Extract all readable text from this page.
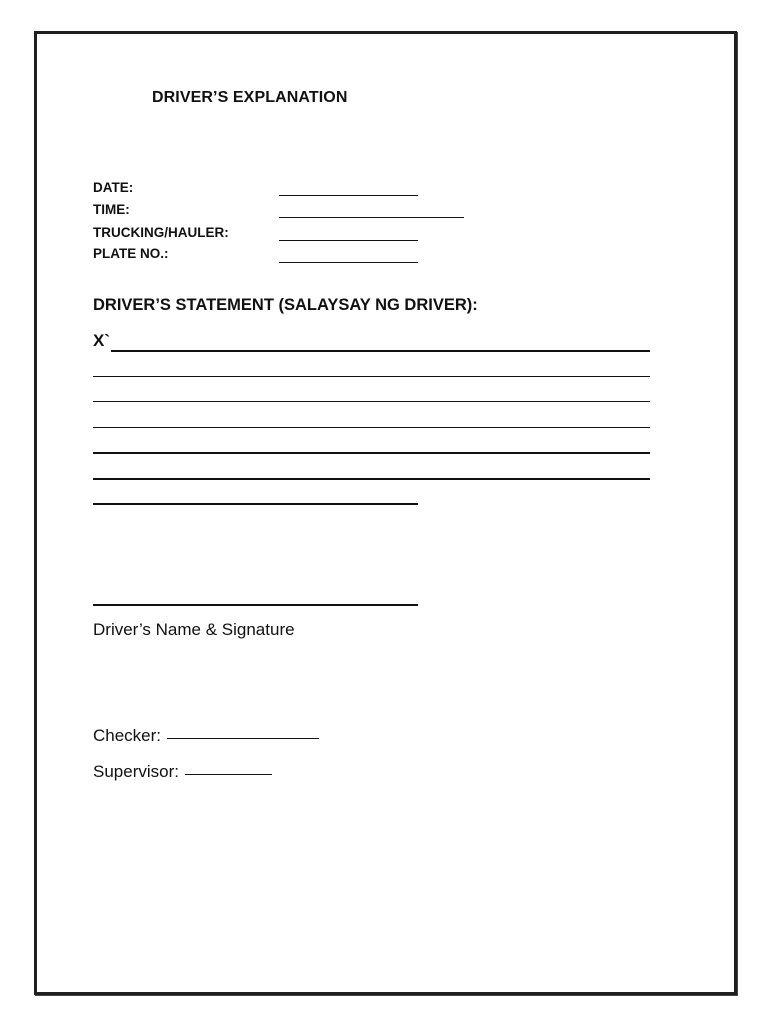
DRIVER’S EXPLANATION
DATE:
TIME:
TRUCKING/HAULER:
PLATE NO.:
DRIVER’S STATEMENT (SALAYSAY NG DRIVER):
X`
Driver’s Name & Signature
Checker:
Supervisor:
